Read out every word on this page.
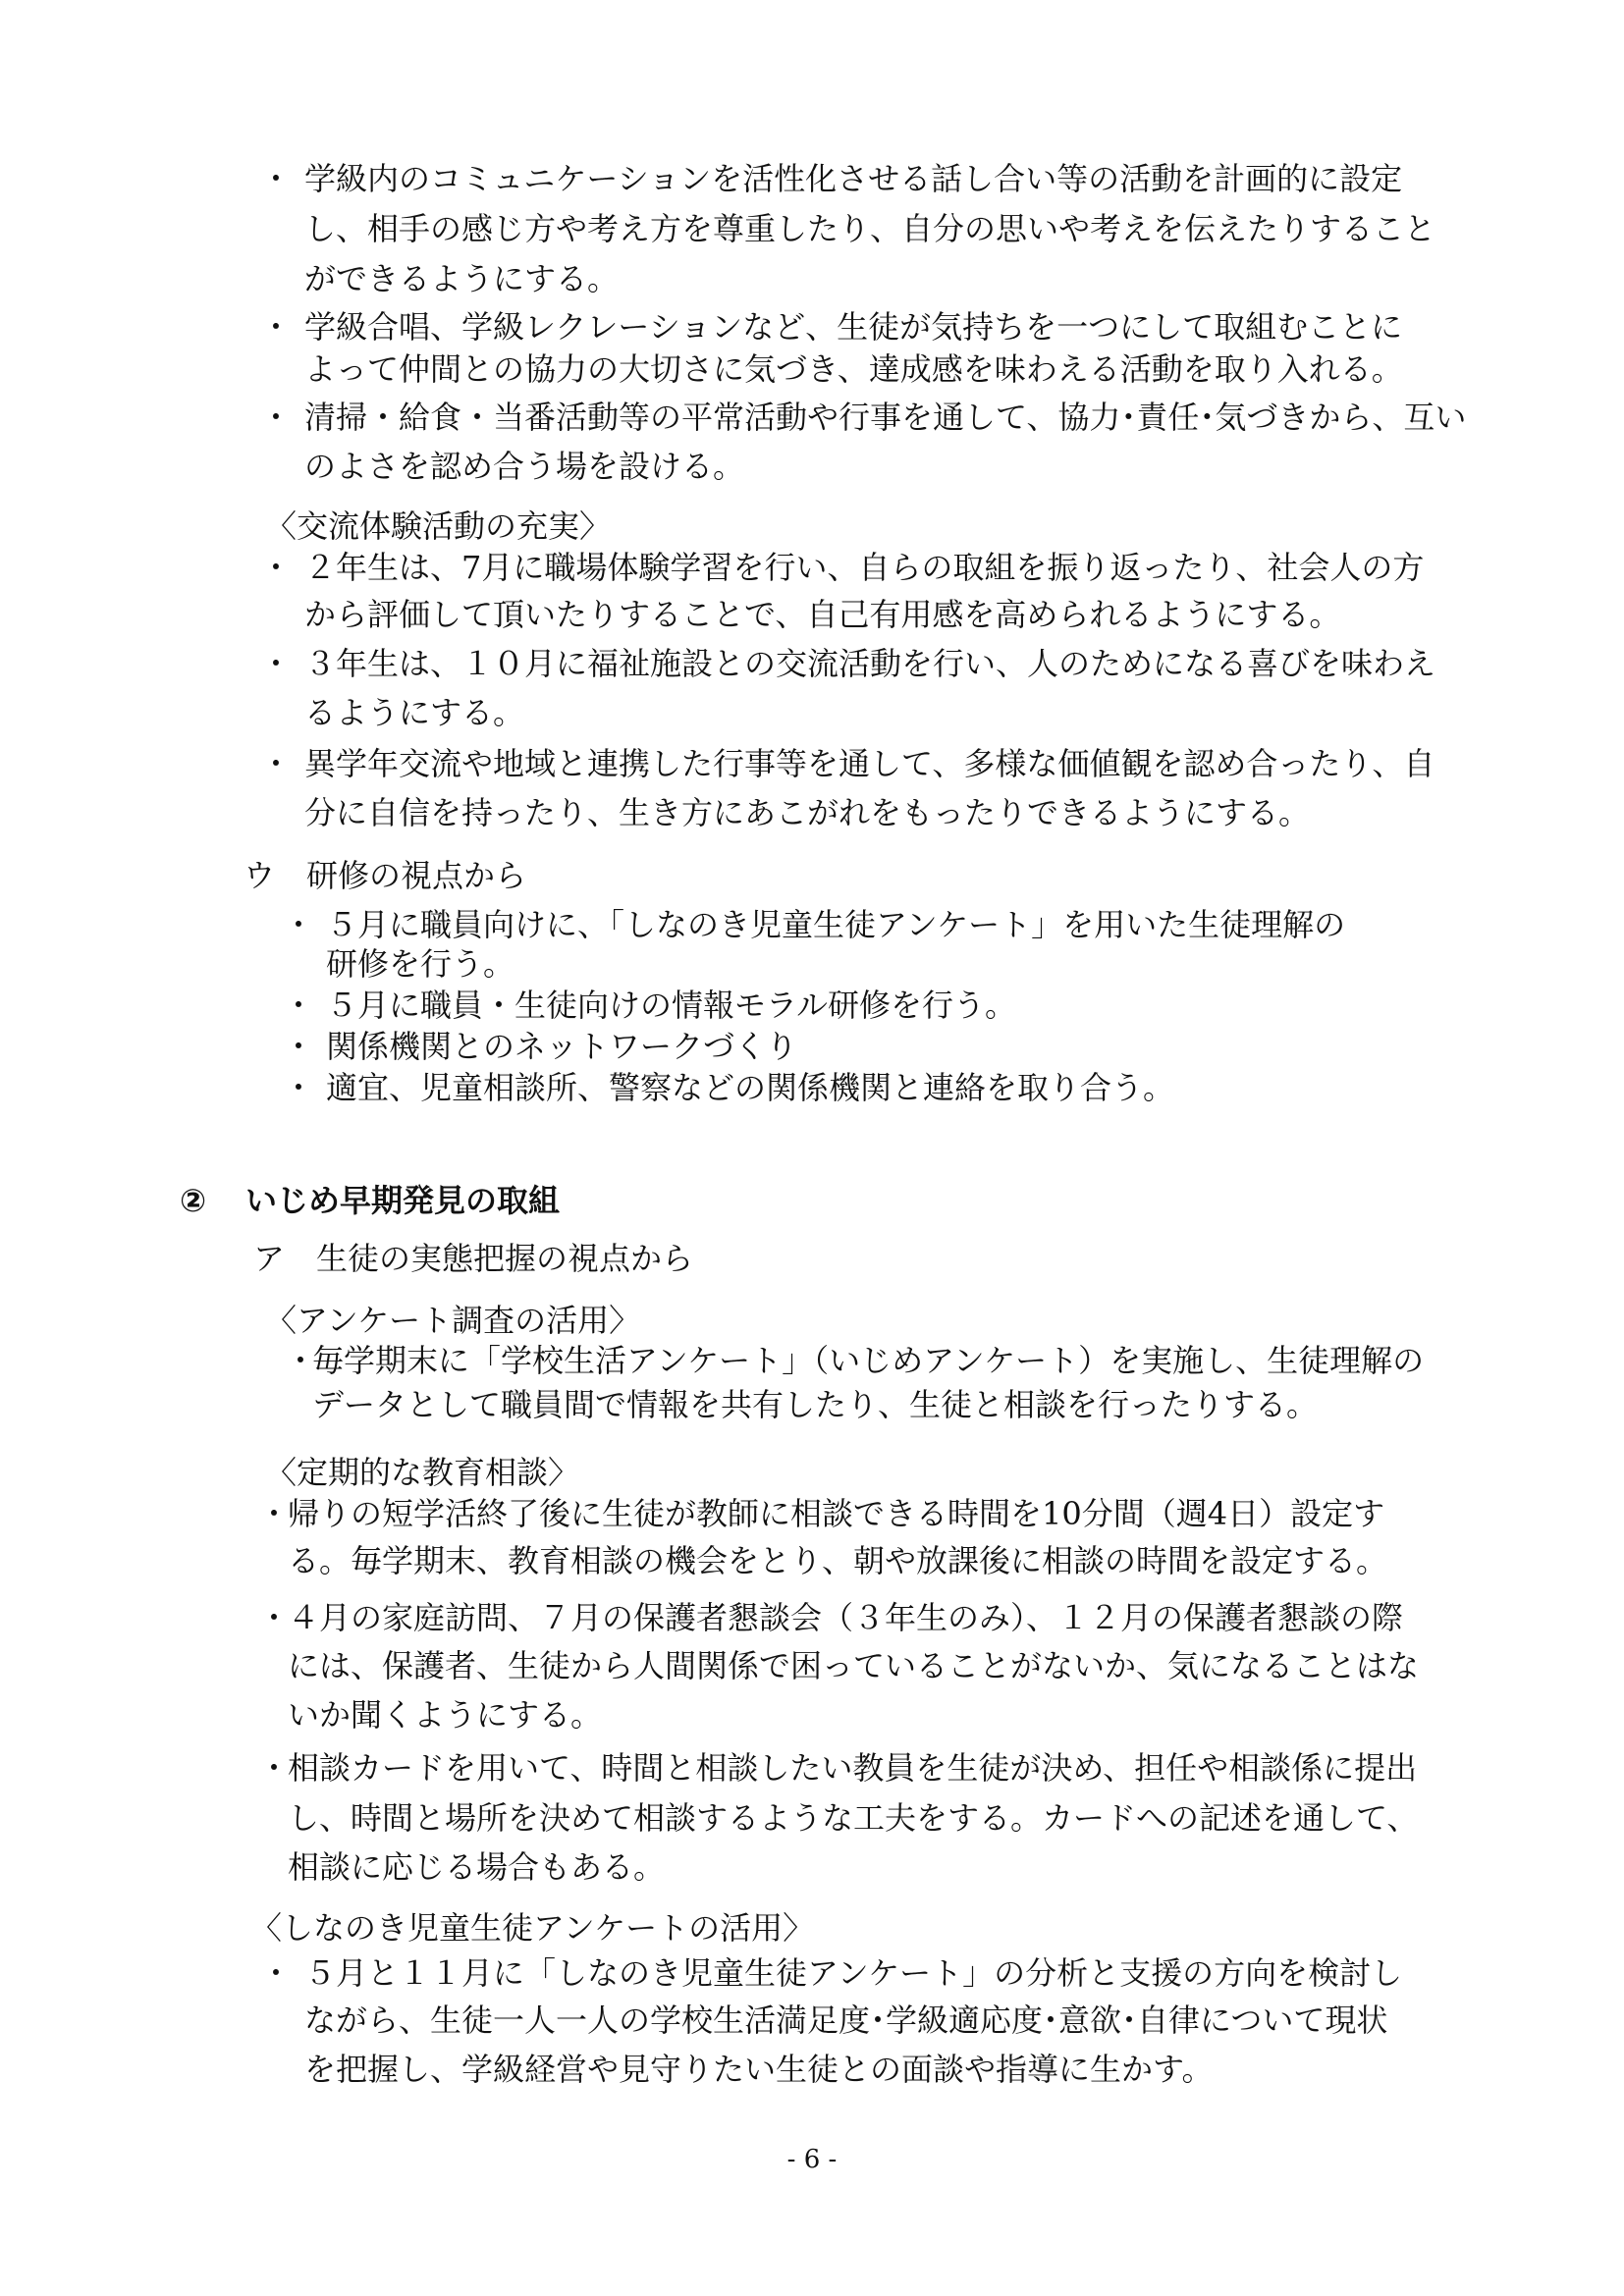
・ 学級内のコミュニケーションを活性化させる話し合い等の活動を計画的に設定
し、相手の感じ方や考え方を尊重したり、自分の思いや考えを伝えたりすること
ができるようにする。
・ 学級合唱、学級レクレーションなど、生徒が気持ちを一つにして取組むことに
よって仲間との協力の大切さに気づき、達成感を味わえる活動を取り入れる。
・ 清掃・給食・当番活動等の平常活動や行事を通して、協力･責任･気づきから、互い
のよさを認め合う場を設ける。
〈交流体験活動の充実〉
・ ２年生は、7月に職場体験学習を行い、自らの取組を振り返ったり、社会人の方
から評価して頂いたりすることで、自己有用感を高められるようにする。
・ ３年生は、１０月に福祉施設との交流活動を行い、人のためになる喜びを味わえ
るようにする。
・ 異学年交流や地域と連携した行事等を通して、多様な価値観を認め合ったり、自
分に自信を持ったり、生き方にあこがれをもったりできるようにする。
ウ　研修の視点から
・ ５月に職員向けに、「しなのき児童生徒アンケート」を用いた生徒理解の
研修を行う。
・ ５月に職員・生徒向けの情報モラル研修を行う。
・ 関係機関とのネットワークづくり
・ 適宜、児童相談所、警察などの関係機関と連絡を取り合う。
② いじめ早期発見の取組
ア　生徒の実態把握の視点から
〈アンケート調査の活用〉
・
毎学期末に「学校生活アンケート」（いじめアンケート）を実施し、生徒理解の
データとして職員間で情報を共有したり、生徒と相談を行ったりする。
〈定期的な教育相談〉
・
帰りの短学活終了後に生徒が教師に相談できる時間を10分間（週4日）設定す
る。毎学期末、教育相談の機会をとり、朝や放課後に相談の時間を設定する。
・
４月の家庭訪問、７月の保護者懇談会（３年生のみ）、１２月の保護者懇談の際
には、保護者、生徒から人間関係で困っていることがないか、気になることはな
いか聞くようにする。
・
相談カードを用いて、時間と相談したい教員を生徒が決め、担任や相談係に提出
し、時間と場所を決めて相談するような工夫をする。カードへの記述を通して、
相談に応じる場合もある。
〈しなのき児童生徒アンケートの活用〉
・ ５月と１１月に「しなのき児童生徒アンケート」の分析と支援の方向を検討し
ながら、生徒一人一人の学校生活満足度･学級適応度･意欲･自律について現状
を把握し、学級経営や見守りたい生徒との面談や指導に生かす。
- 6 -
